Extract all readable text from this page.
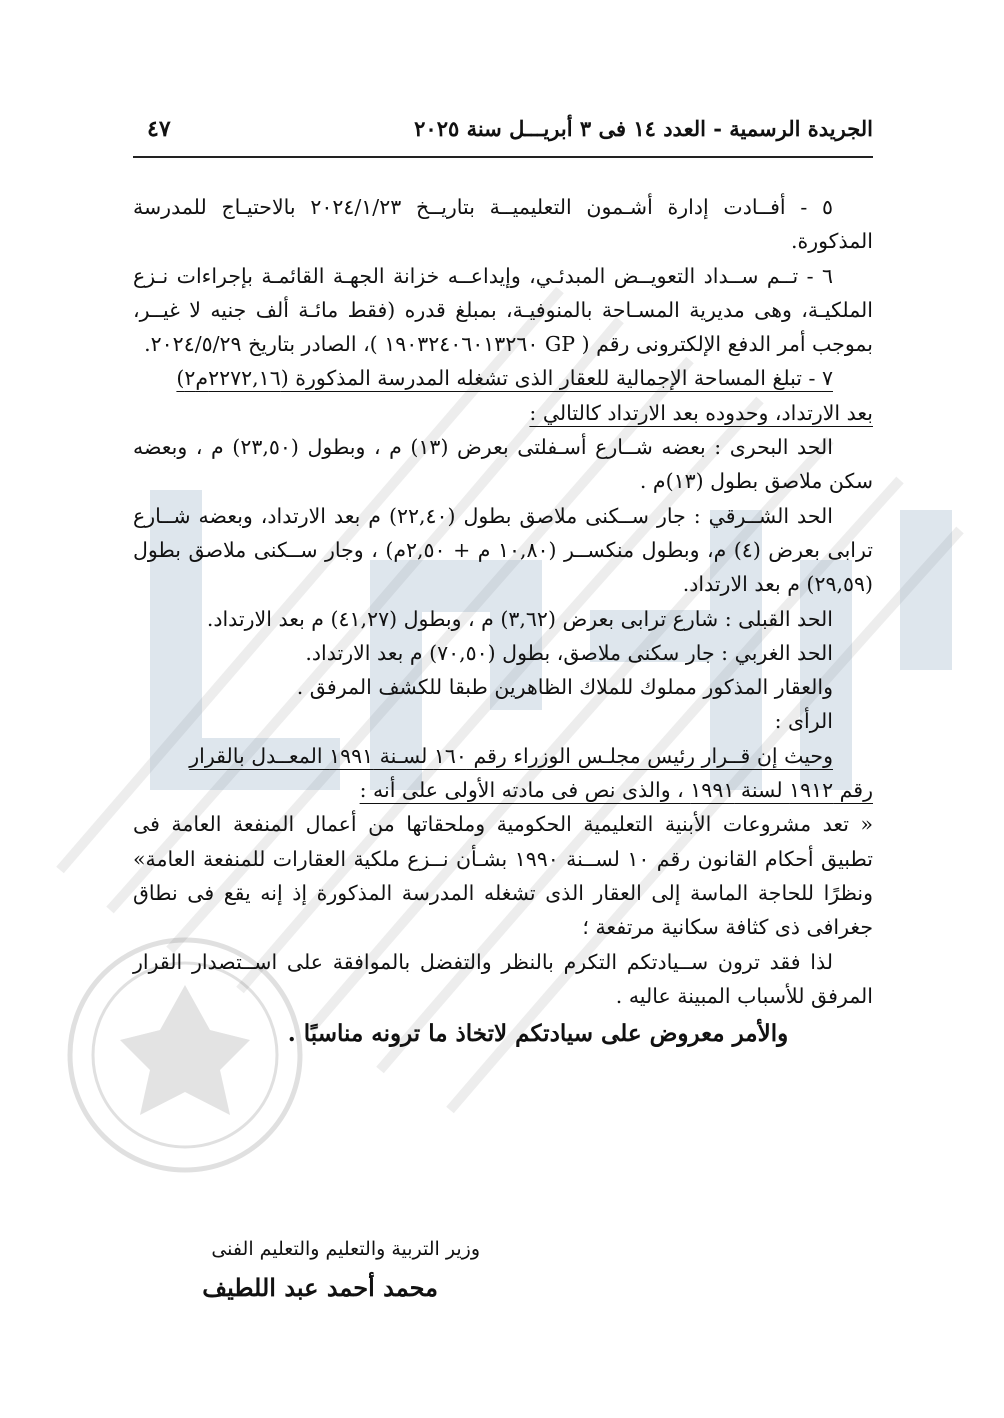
الجريدة الرسمية - العدد ١٤ فى ٣ أبريـــل سنة ٢٠٢٥
٤٧

٥ - أفــادت إدارة أشـمون التعليميــة بتاريــخ ٢٠٢٤/١/٢٣ بالاحتيـاج للمدرسة المذكورة.

٦ - تــم ســداد التعويــض المبدئـي، وإيداعــه خزانة الجهـة القائمـة بإجراءات نـزع الملكيـة، وهى مديرية المسـاحة بالمنوفيـة، بمبلغ قدره (فقط مائـة ألف جنيه لا غيــر، بموجب أمر الدفع الإلكترونى رقم ( GP ١٩٠٣٢٤٠٦٠١٣٢٦٠ )، الصادر بتاريخ ٢٠٢٤/٥/٢٩.

٧ - تبلغ المساحة الإجمالية للعقار الذى تشغله المدرسة المذكورة (٢٢٧٢,١٦م٢)

بعد الارتداد، وحدوده بعد الارتداد كالتالي :

الحد البحرى : بعضه شــارع أسـفلتى بعرض (١٣) م ، وبطول (٢٣,٥٠) م ، وبعضه سكن ملاصق بطول (١٣)م .

الحد الشــرقي : جار ســكنى ملاصق بطول (٢٢,٤٠) م بعد الارتداد، وبعضه شــارع ترابى بعرض (٤) م، وبطول منكســر (١٠,٨٠ م + ٢,٥٠م) ، وجار ســكنى ملاصق بطول (٢٩,٥٩) م بعد الارتداد.

الحد القبلى : شارع ترابى بعرض (٣,٦٢) م ، وبطول (٤١,٢٧) م بعد الارتداد.

الحد الغربي : جار سكنى ملاصق، بطول (٧٠,٥٠) م بعد الارتداد.

والعقار المذكور مملوك للملاك الظاهرين طبقا للكشف المرفق .

الرأى :

وحيث إن قــرار رئيس مجلـس الوزراء رقم ١٦٠ لسـنة ١٩٩١ المعــدل بالقرار

رقم ١٩١٢ لسنة ١٩٩١ ، والذى نص فى مادته الأولى على أنه :

« تعد مشروعات الأبنية التعليمية الحكومية وملحقاتها من أعمال المنفعة العامة فى تطبيق أحكام القانون رقم ١٠ لســنة ١٩٩٠ بشـأن نــزع ملكية العقارات للمنفعة العامة» ونظرًا للحاجة الماسة إلى العقار الذى تشغله المدرسة المذكورة إذ إنه يقع فى نطاق جغرافى ذى كثافة سكانية مرتفعة ؛

لذا فقد ترون ســيادتكم التكرم بالنظر والتفضل بالموافقة على اســتصدار القرار المرفق للأسباب المبينة عاليه .

والأمر معروض على سيادتكم لاتخاذ ما ترونه مناسبًا .

وزير التربية والتعليم والتعليم الفنى
محمد أحمد عبد اللطيف
